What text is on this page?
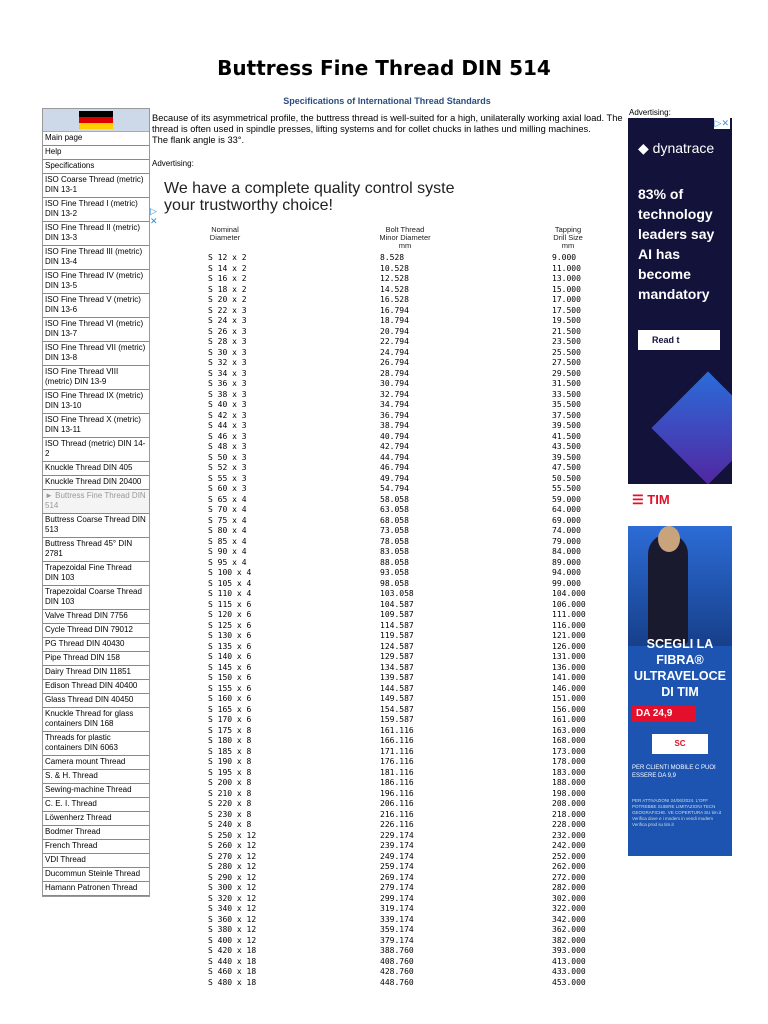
Buttress Fine Thread DIN 514
Specifications of International Thread Standards
Main page
Help
Specifications
ISO Coarse Thread (metric) DIN 13-1
ISO Fine Thread I (metric) DIN 13-2
ISO Fine Thread II (metric) DIN 13-3
ISO Fine Thread III (metric) DIN 13-4
ISO Fine Thread IV (metric) DIN 13-5
ISO Fine Thread V (metric) DIN 13-6
ISO Fine Thread VI (metric) DIN 13-7
ISO Fine Thread VII (metric) DIN 13-8
ISO Fine Thread VIII (metric) DIN 13-9
ISO Fine Thread IX (metric) DIN 13-10
ISO Fine Thread X (metric) DIN 13-11
ISO Thread (metric) DIN 14-2
Knuckle Thread DIN 405
Knuckle Thread DIN 20400
► Buttress Fine Thread DIN 514
Buttress Coarse Thread DIN 513
Buttress Thread 45° DIN 2781
Trapezoidal Fine Thread DIN 103
Trapezoidal Coarse Thread DIN 103
Valve Thread DIN 7756
Cycle Thread DIN 79012
PG Thread DIN 40430
Pipe Thread DIN 158
Dairy Thread DIN 11851
Edison Thread DIN 40400
Glass Thread DIN 40450
Knuckle Thread for glass containers DIN 168
Threads for plastic containers DIN 6063
Camera mount Thread
S. & H. Thread
Sewing-machine Thread
C. E. I. Thread
Löwenherz Thread
Bodmer Thread
French Thread
VDI Thread
Ducommun Steinle Thread
Hamann Patronen Thread
Because of its asymmetrical profile, the buttress thread is well-suited for a high, unilaterally working axial load. The thread is often used in spindle presses, lifting systems and for collet chucks in lathes und milling machines.
The flank angle is 33°.
Advertising:
▷
✕
We have a complete quality control syste
your trustworthy choice!
Nominal
Diameter
Bolt Thread
Minor Diameter
mm
Tapping
Drill Size
mm
S 12 x 2	8.528	9.000
S 14 x 2	10.528	11.000
S 16 x 2	12.528	13.000
S 18 x 2	14.528	15.000
S 20 x 2	16.528	17.000
S 22 x 3	16.794	17.500
S 24 x 3	18.794	19.500
S 26 x 3	20.794	21.500
S 28 x 3	22.794	23.500
S 30 x 3	24.794	25.500
S 32 x 3	26.794	27.500
S 34 x 3	28.794	29.500
S 36 x 3	30.794	31.500
S 38 x 3	32.794	33.500
S 40 x 3	34.794	35.500
S 42 x 3	36.794	37.500
S 44 x 3	38.794	39.500
S 46 x 3	40.794	41.500
S 48 x 3	42.794	43.500
S 50 x 3	44.794	39.500
S 52 x 3	46.794	47.500
S 55 x 3	49.794	50.500
S 60 x 3	54.794	55.500
S 65 x 4	58.058	59.000
S 70 x 4	63.058	64.000
S 75 x 4	68.058	69.000
S 80 x 4	73.058	74.000
S 85 x 4	78.058	79.000
S 90 x 4	83.058	84.000
S 95 x 4	88.058	89.000
S 100 x 4	93.058	94.000
S 105 x 4	98.058	99.000
S 110 x 4	103.058	104.000
S 115 x 6	104.587	106.000
S 120 x 6	109.587	111.000
S 125 x 6	114.587	116.000
S 130 x 6	119.587	121.000
S 135 x 6	124.587	126.000
S 140 x 6	129.587	131.000
S 145 x 6	134.587	136.000
S 150 x 6	139.587	141.000
S 155 x 6	144.587	146.000
S 160 x 6	149.587	151.000
S 165 x 6	154.587	156.000
S 170 x 6	159.587	161.000
S 175 x 8	161.116	163.000
S 180 x 8	166.116	168.000
S 185 x 8	171.116	173.000
S 190 x 8	176.116	178.000
S 195 x 8	181.116	183.000
S 200 x 8	186.116	188.000
S 210 x 8	196.116	198.000
S 220 x 8	206.116	208.000
S 230 x 8	216.116	218.000
S 240 x 8	226.116	228.000
S 250 x 12	229.174	232.000
S 260 x 12	239.174	242.000
S 270 x 12	249.174	252.000
S 280 x 12	259.174	262.000
S 290 x 12	269.174	272.000
S 300 x 12	279.174	282.000
S 320 x 12	299.174	302.000
S 340 x 12	319.174	322.000
S 360 x 12	339.174	342.000
S 380 x 12	359.174	362.000
S 400 x 12	379.174	382.000
S 420 x 18	388.760	393.000
S 440 x 18	408.760	413.000
S 460 x 18	428.760	433.000
S 480 x 18	448.760	453.000
Advertising:
▷✕
◆ dynatrace
83% of technology leaders say AI has become mandatory
Read t
☰ TIM
SCEGLI LA FIBRA® ULTRAVELOCE DI TIM
DA 24,9
SC
PER CLIENTI MOBILE C PUOI ESSERE DA 9,9
PER ATTIVAZIONI 24/06/2024. L'OFF POTREBBE SUBIRE LIMITAZIONI TECN GEOGRAFICHE. VE COPERTURA SU tim.it Verifica dove e i modem in vendi modem Verifica prod su tim.it
